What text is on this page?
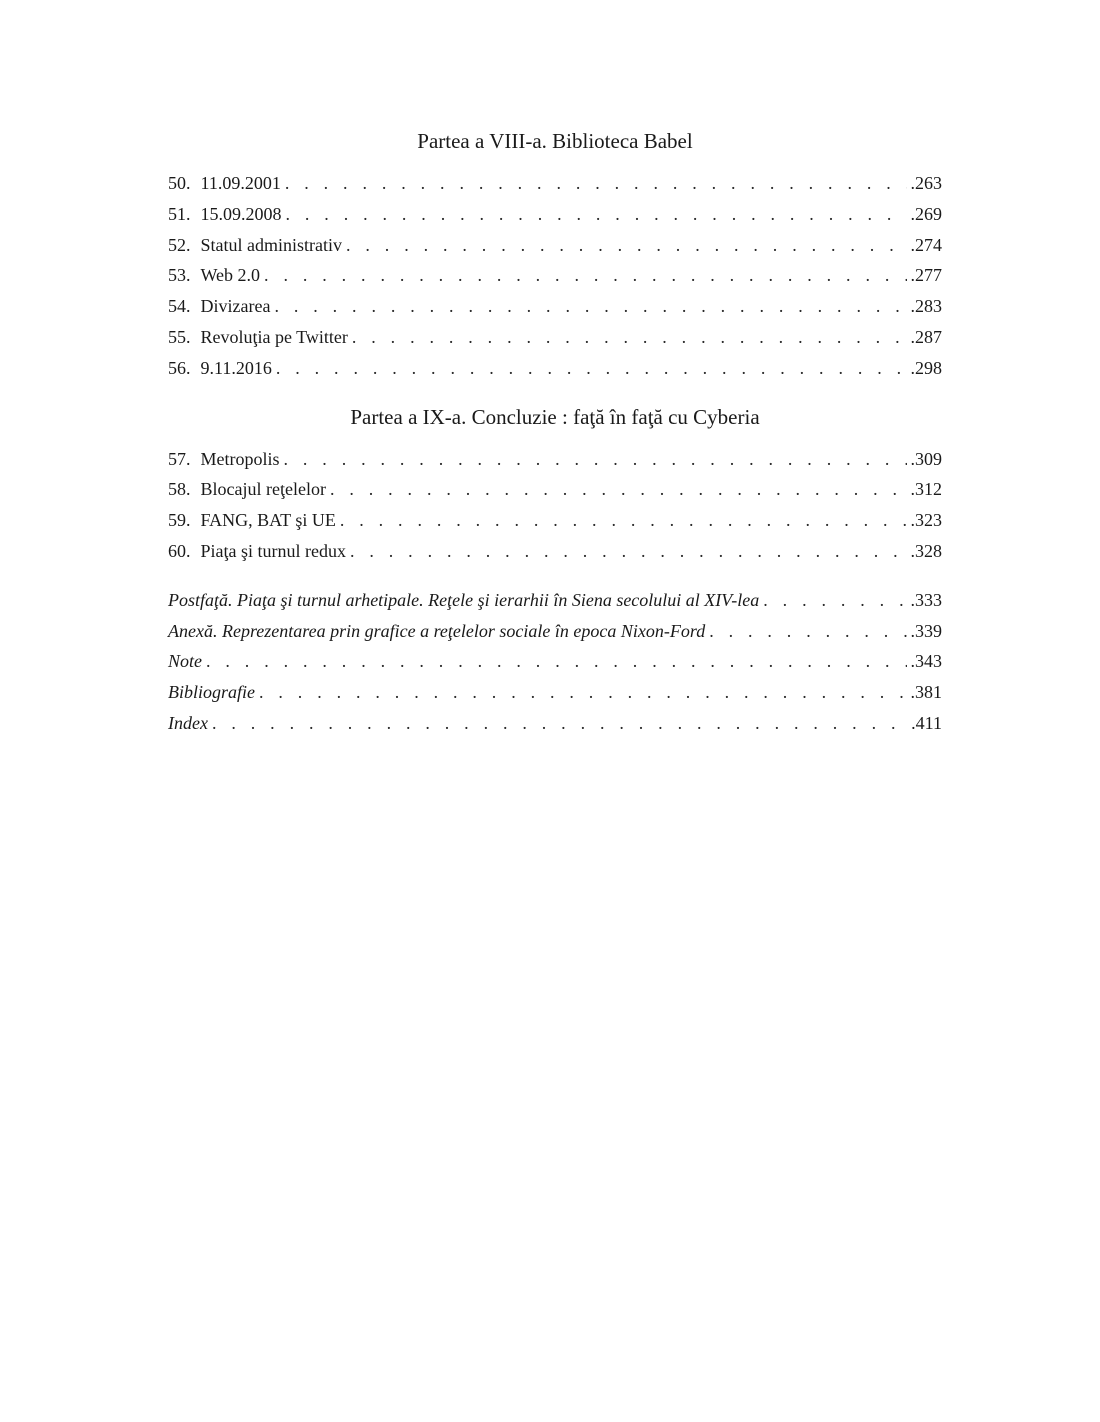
Partea a VIII-a. Biblioteca Babel
50. 11.09.2001 . . .	. 263
51. 15.09.2008 . . .	. 269
52. Statul administrativ . . .	. 274
53. Web 2.0 . . .	. 277
54. Divizarea . . .	. 283
55. Revoluţia pe Twitter . . .	. 287
56. 9.11.2016 . . .	. 298
Partea a IX-a. Concluzie : faţă în faţă cu Cyberia
57. Metropolis . . .	. 309
58. Blocajul reţelelor . . .	. 312
59. FANG, BAT şi UE . . .	. 323
60. Piaţa şi turnul redux . . .	. 328
Postfaţă. Piaţa şi turnul arhetipale. Reţele şi ierarhii în Siena secolului al XIV-lea . . .	. 333
Anexă. Reprezentarea prin grafice a reţelelor sociale în epoca Nixon-Ford . . .	. 339
Note . . .	. 343
Bibliografie . . .	. 381
Index . . .	. 411
